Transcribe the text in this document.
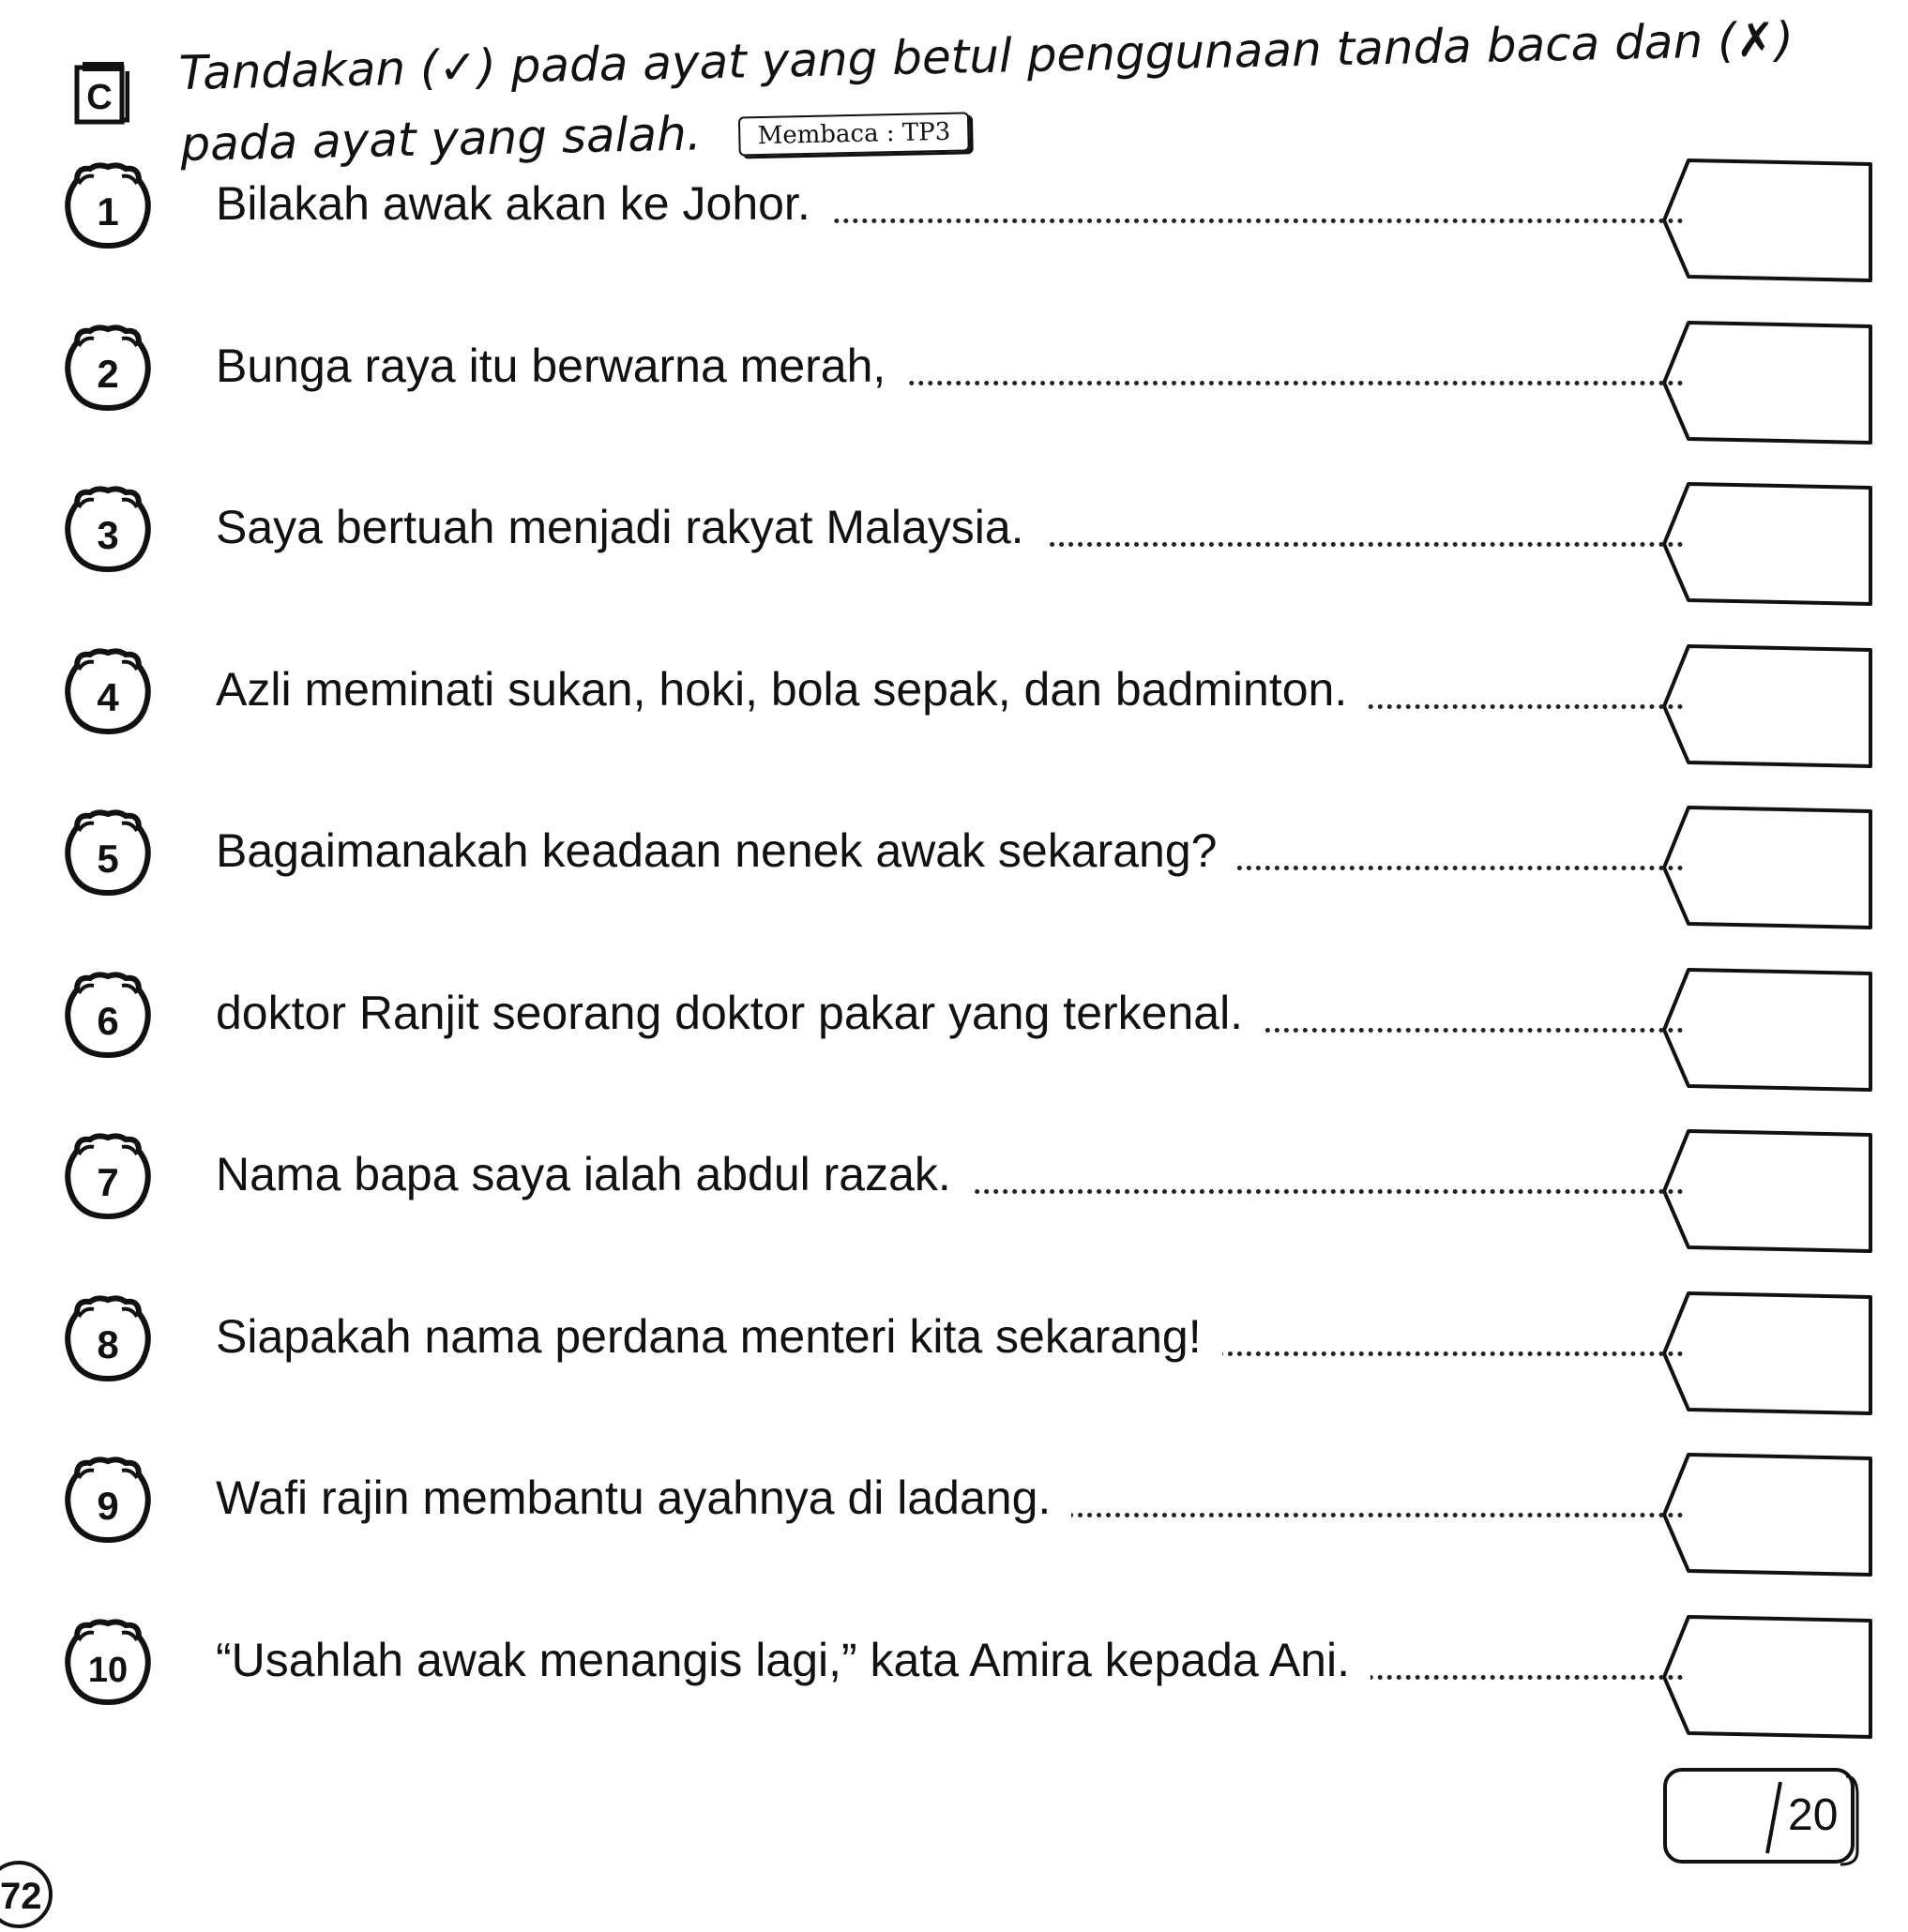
C Tandakan (✓) pada ayat yang betul penggunaan tanda baca dan (✗)
pada ayat yang salah. Membaca : TP3
1 Bilakah awak akan ke Johor.
2 Bunga raya itu berwarna merah,
3 Saya bertuah menjadi rakyat Malaysia.
4 Azli meminati sukan, hoki, bola sepak, dan badminton.
5 Bagaimanakah keadaan nenek awak sekarang?
6 doktor Ranjit seorang doktor pakar yang terkenal.
7 Nama bapa saya ialah abdul razak.
8 Siapakah nama perdana menteri kita sekarang!
9 Wafi rajin membantu ayahnya di ladang.
10 “Usahlah awak menangis lagi,” kata Amira kepada Ani.
20
72
